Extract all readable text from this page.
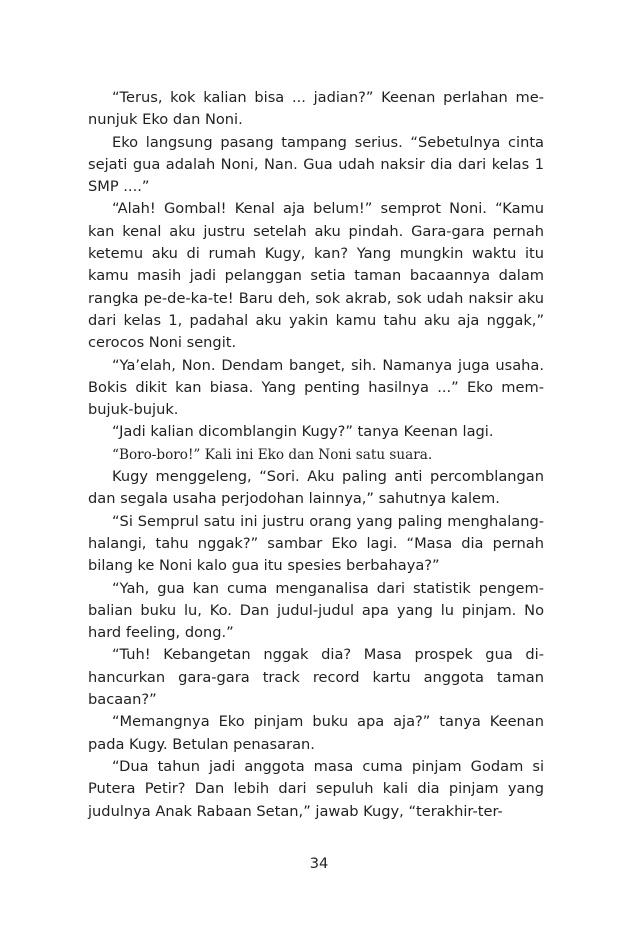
“Terus, kok kalian bisa ... jadian?” Keenan perlahan menunjuk Eko dan Noni.

Eko langsung pasang tampang serius. “Sebetulnya cinta sejati gua adalah Noni, Nan. Gua udah naksir dia dari kelas 1 SMP ....”

“Alah! Gombal! Kenal aja belum!” semprot Noni. “Kamu kan kenal aku justru setelah aku pindah. Gara-gara pernah ketemu aku di rumah Kugy, kan? Yang mungkin waktu itu kamu masih jadi pelanggan setia taman bacaannya dalam rangka pe-de-ka-te! Baru deh, sok akrab, sok udah naksir aku dari kelas 1, padahal aku yakin kamu tahu aku aja nggak,” cerocos Noni sengit.

“Ya’elah, Non. Dendam banget, sih. Namanya juga usaha. Bokis dikit kan biasa. Yang penting hasilnya ...” Eko membujuk-bujuk.

“Jadi kalian dicomblangin Kugy?” tanya Keenan lagi.

“Boro-boro!” Kali ini Eko dan Noni satu suara.

Kugy menggeleng, “Sori. Aku paling anti percomblangan dan segala usaha perjodohan lainnya,” sahutnya kalem.

“Si Semprul satu ini justru orang yang paling menghalang-halangi, tahu nggak?” sambar Eko lagi. “Masa dia pernah bilang ke Noni kalo gua itu spesies berbahaya?”

“Yah, gua kan cuma menganalisa dari statistik pengembalian buku lu, Ko. Dan judul-judul apa yang lu pinjam. No hard feeling, dong.”

“Tuh! Kebangetan nggak dia? Masa prospek gua dihancurkan gara-gara track record kartu anggota taman bacaan?”

“Memangnya Eko pinjam buku apa aja?” tanya Keenan pada Kugy. Betulan penasaran.

“Dua tahun jadi anggota masa cuma pinjam Godam si Putera Petir? Dan lebih dari sepuluh kali dia pinjam yang judulnya Anak Rabaan Setan,” jawab Kugy, “terakhir-ter-

34
